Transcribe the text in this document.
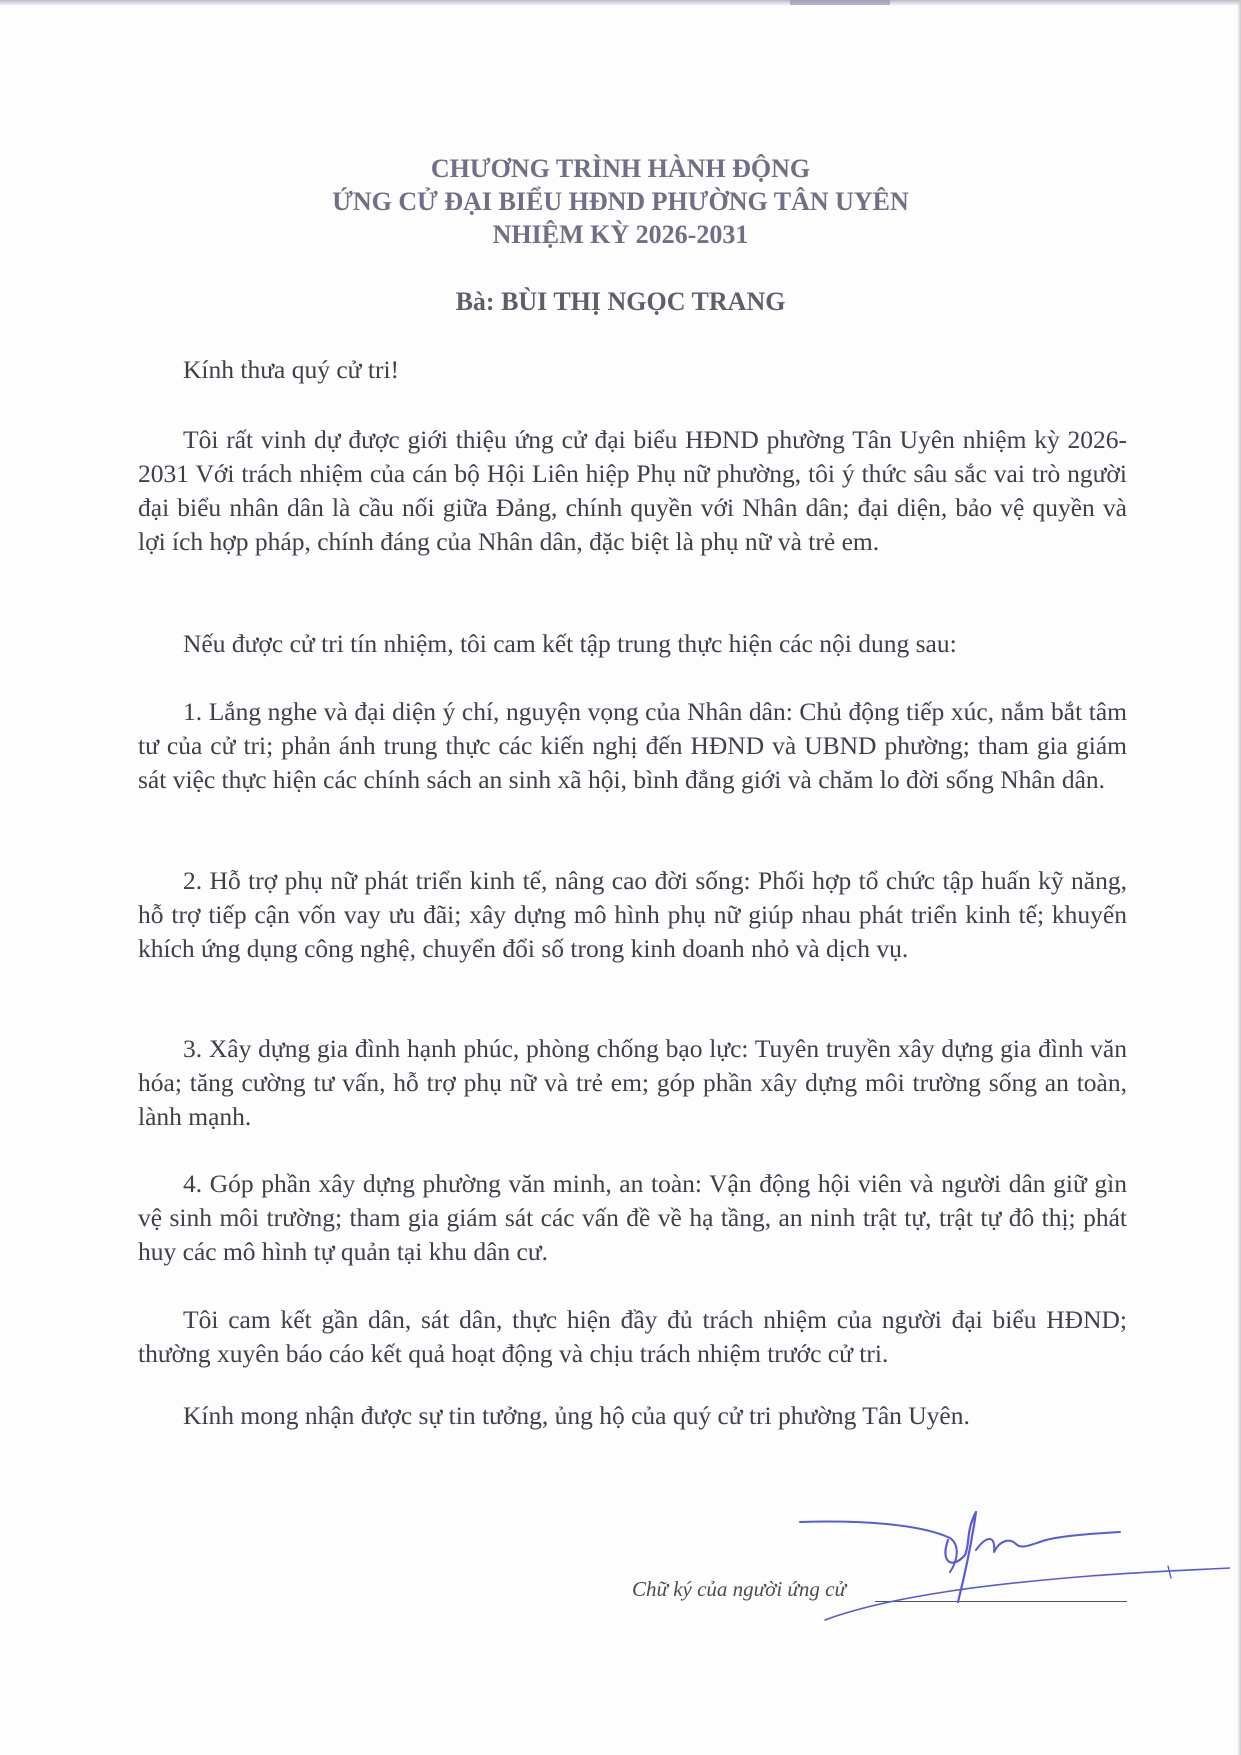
CHƯƠNG TRÌNH HÀNH ĐỘNG
ỨNG CỬ ĐẠI BIỂU HĐND PHƯỜNG TÂN UYÊN
NHIỆM KỲ 2026-2031
Bà: BÙI THỊ NGỌC TRANG

Kính thưa quý cử tri!

Tôi rất vinh dự được giới thiệu ứng cử đại biểu HĐND phường Tân Uyên nhiệm kỳ 2026-2031 Với trách nhiệm của cán bộ Hội Liên hiệp Phụ nữ phường, tôi ý thức sâu sắc vai trò người đại biểu nhân dân là cầu nối giữa Đảng, chính quyền với Nhân dân; đại diện, bảo vệ quyền và lợi ích hợp pháp, chính đáng của Nhân dân, đặc biệt là phụ nữ và trẻ em.

Nếu được cử tri tín nhiệm, tôi cam kết tập trung thực hiện các nội dung sau:

1. Lắng nghe và đại diện ý chí, nguyện vọng của Nhân dân: Chủ động tiếp xúc, nắm bắt tâm tư của cử tri; phản ánh trung thực các kiến nghị đến HĐND và UBND phường; tham gia giám sát việc thực hiện các chính sách an sinh xã hội, bình đẳng giới và chăm lo đời sống Nhân dân.

2. Hỗ trợ phụ nữ phát triển kinh tế, nâng cao đời sống: Phối hợp tổ chức tập huấn kỹ năng, hỗ trợ tiếp cận vốn vay ưu đãi; xây dựng mô hình phụ nữ giúp nhau phát triển kinh tế; khuyến khích ứng dụng công nghệ, chuyển đổi số trong kinh doanh nhỏ và dịch vụ.

3. Xây dựng gia đình hạnh phúc, phòng chống bạo lực: Tuyên truyền xây dựng gia đình văn hóa; tăng cường tư vấn, hỗ trợ phụ nữ và trẻ em; góp phần xây dựng môi trường sống an toàn, lành mạnh.

4. Góp phần xây dựng phường văn minh, an toàn: Vận động hội viên và người dân giữ gìn vệ sinh môi trường; tham gia giám sát các vấn đề về hạ tầng, an ninh trật tự, trật tự đô thị; phát huy các mô hình tự quản tại khu dân cư.

Tôi cam kết gần dân, sát dân, thực hiện đầy đủ trách nhiệm của người đại biểu HĐND; thường xuyên báo cáo kết quả hoạt động và chịu trách nhiệm trước cử tri.

Kính mong nhận được sự tin tưởng, ủng hộ của quý cử tri phường Tân Uyên.

Chữ ký của người ứng cử
